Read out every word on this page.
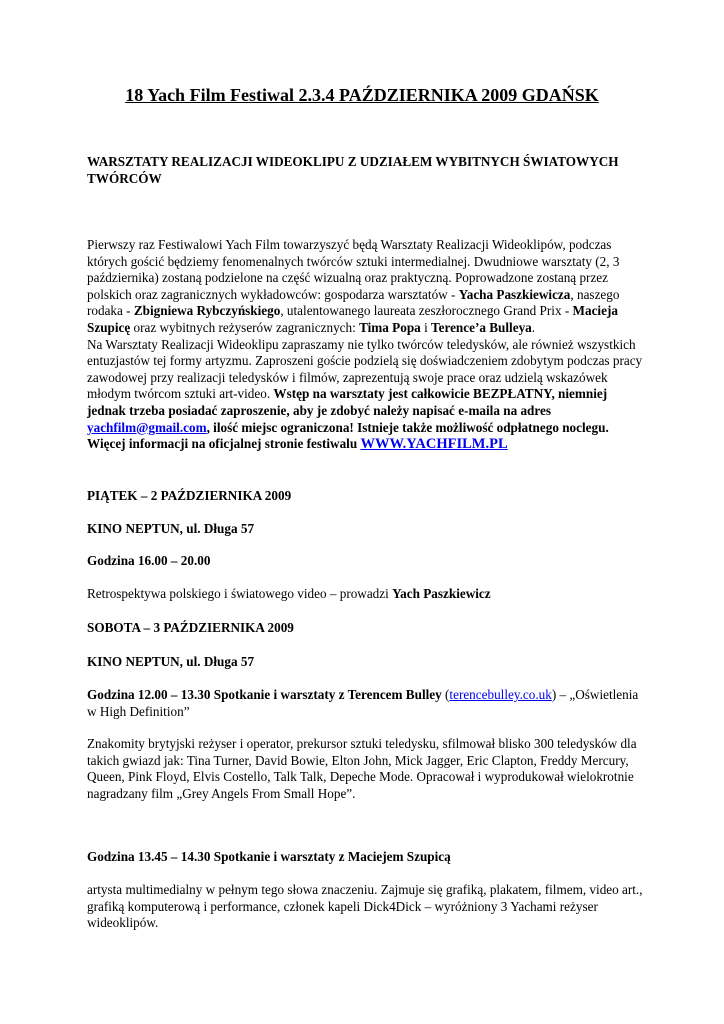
18 Yach Film Festiwal 2.3.4 PAŹDZIERNIKA 2009 GDAŃSK

WARSZTATY REALIZACJI WIDEOKLIPU Z UDZIAŁEM WYBITNYCH ŚWIATOWYCH TWÓRCÓW

Pierwszy raz Festiwalowi Yach Film towarzyszyć będą Warsztaty Realizacji Wideoklipów, podczas których gościć będziemy fenomenalnych twórców sztuki intermedialnej. Dwudniowe warsztaty (2, 3 października) zostaną podzielone na część wizualną oraz praktyczną. Poprowadzone zostaną przez polskich oraz zagranicznych wykładowców: gospodarza warsztatów - Yacha Paszkiewicza, naszego rodaka - Zbigniewa Rybczyńskiego, utalentowanego laureata zeszłorocznego Grand Prix - Macieja Szupicę oraz wybitnych reżyserów zagranicznych: Tima Popa i Terence’a Bulleya.
Na Warsztaty Realizacji Wideoklipu zapraszamy nie tylko twórców teledysków, ale również wszystkich entuzjastów tej formy artyzmu. Zaproszeni goście podzielą się doświadczeniem zdobytym podczas pracy zawodowej przy realizacji teledysków i filmów, zaprezentują swoje prace oraz udzielą wskazówek młodym twórcom sztuki art-video. Wstęp na warsztaty jest całkowicie BEZPŁATNY, niemniej jednak trzeba posiadać zaproszenie, aby je zdobyć należy napisać e-maila na adres yachfilm@gmail.com, ilość miejsc ograniczona! Istnieje także możliwość odpłatnego noclegu. Więcej informacji na oficjalnej stronie festiwalu WWW.YACHFILM.PL

PIĄTEK – 2 PAŹDZIERNIKA 2009

KINO NEPTUN, ul. Długa 57

Godzina 16.00 – 20.00

Retrospektywa polskiego i światowego video – prowadzi Yach Paszkiewicz

SOBOTA – 3 PAŹDZIERNIKA 2009

KINO NEPTUN, ul. Długa 57

Godzina 12.00 – 13.30 Spotkanie i warsztaty z Terencem Bulley (terencebulley.co.uk) – „Oświetlenia w High Definition”

Znakomity brytyjski reżyser i operator, prekursor sztuki teledysku, sfilmował blisko 300 teledysków dla takich gwiazd jak: Tina Turner, David Bowie, Elton John, Mick Jagger, Eric Clapton, Freddy Mercury, Queen, Pink Floyd, Elvis Costello, Talk Talk, Depeche Mode. Opracował i wyprodukował wielokrotnie nagradzany film „Grey Angels From Small Hope”.

Godzina 13.45 – 14.30 Spotkanie i warsztaty z Maciejem Szupicą

artysta multimedialny w pełnym tego słowa znaczeniu. Zajmuje się grafiką, plakatem, filmem, video art., grafiką komputerową i performance, członek kapeli Dick4Dick – wyróżniony 3 Yachami reżyser wideoklipów.
